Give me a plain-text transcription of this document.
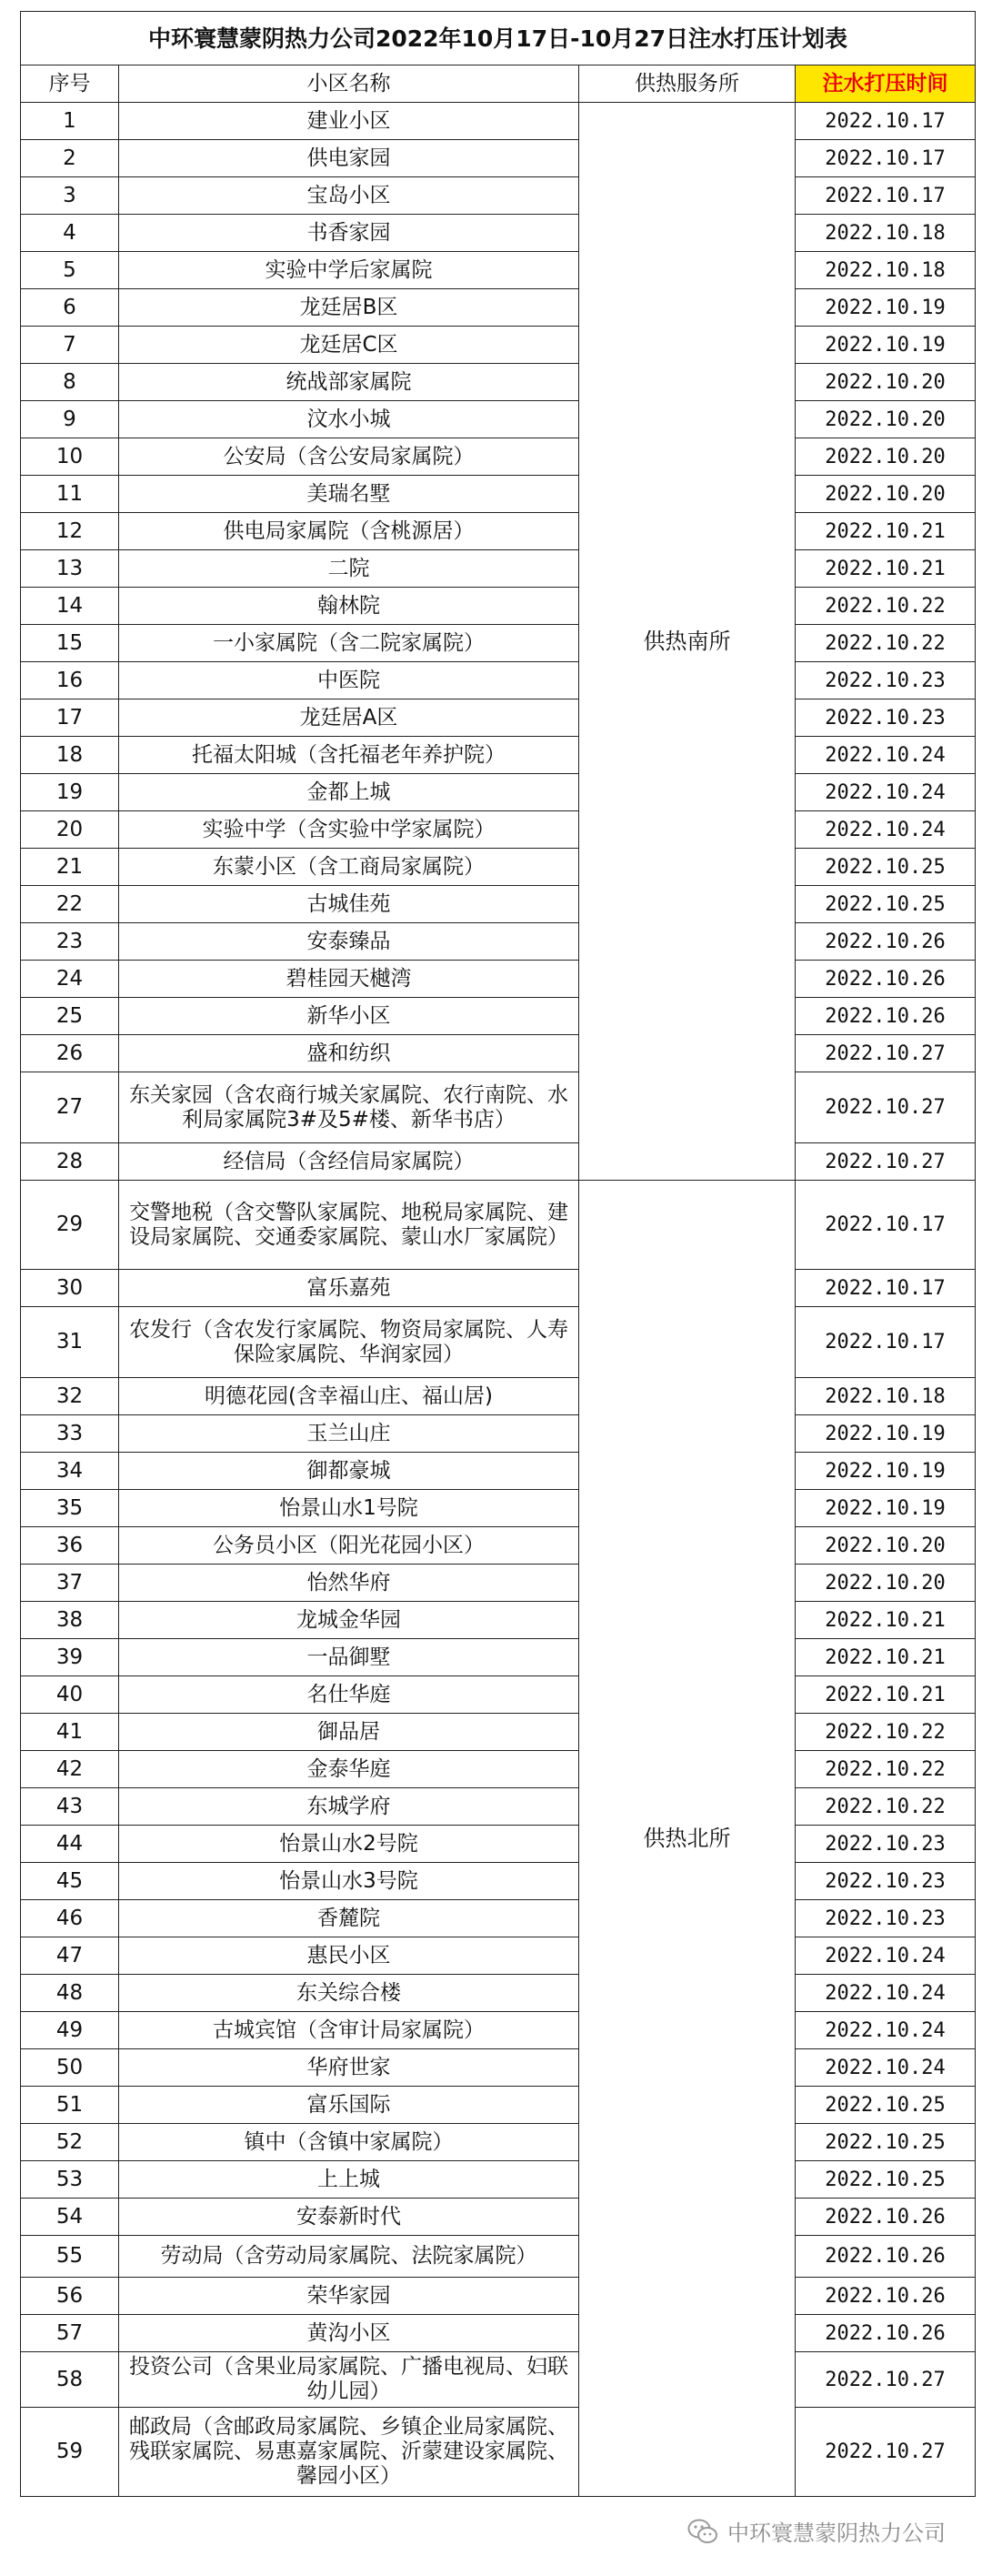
中环寰慧蒙阴热力公司2022年10月17日-10月27日注水打压计划表			
序号	小区名称	供热服务所	注水打压时间
1	建业小区	供热南所	2022.10.17
2	供电家园		2022.10.17
3	宝岛小区		2022.10.17
4	书香家园		2022.10.18
5	实验中学后家属院		2022.10.18
6	龙廷居B区		2022.10.19
7	龙廷居C区		2022.10.19
8	统战部家属院		2022.10.20
9	汶水小城		2022.10.20
10	公安局（含公安局家属院）		2022.10.20
11	美瑞名墅		2022.10.20
12	供电局家属院（含桃源居）		2022.10.21
13	二院		2022.10.21
14	翰林院		2022.10.22
15	一小家属院（含二院家属院）		2022.10.22
16	中医院		2022.10.23
17	龙廷居A区		2022.10.23
18	托福太阳城（含托福老年养护院）		2022.10.24
19	金都上城		2022.10.24
20	实验中学（含实验中学家属院）		2022.10.24
21	东蒙小区（含工商局家属院）		2022.10.25
22	古城佳苑		2022.10.25
23	安泰臻品		2022.10.26
24	碧桂园天樾湾		2022.10.26
25	新华小区		2022.10.26
26	盛和纺织		2022.10.27
27	东关家园（含农商行城关家属院、农行南院、水利局家属院3#及5#楼、新华书店）		2022.10.27
28	经信局（含经信局家属院）		2022.10.27
29	交警地税（含交警队家属院、地税局家属院、建设局家属院、交通委家属院、蒙山水厂家属院）	供热北所	2022.10.17
30	富乐嘉苑		2022.10.17
31	农发行（含农发行家属院、物资局家属院、人寿保险家属院、华润家园）		2022.10.17
32	明德花园(含幸福山庄、福山居)		2022.10.18
33	玉兰山庄		2022.10.19
34	御都豪城		2022.10.19
35	怡景山水1号院		2022.10.19
36	公务员小区（阳光花园小区）		2022.10.20
37	怡然华府		2022.10.20
38	龙城金华园		2022.10.21
39	一品御墅		2022.10.21
40	名仕华庭		2022.10.21
41	御品居		2022.10.22
42	金泰华庭		2022.10.22
43	东城学府		2022.10.22
44	怡景山水2号院		2022.10.23
45	怡景山水3号院		2022.10.23
46	香麓院		2022.10.23
47	惠民小区		2022.10.24
48	东关综合楼		2022.10.24
49	古城宾馆（含审计局家属院）		2022.10.24
50	华府世家		2022.10.24
51	富乐国际		2022.10.25
52	镇中（含镇中家属院）		2022.10.25
53	上上城		2022.10.25
54	安泰新时代		2022.10.26
55	劳动局（含劳动局家属院、法院家属院）		2022.10.26
56	荣华家园		2022.10.26
57	黄沟小区		2022.10.26
58	投资公司（含果业局家属院、广播电视局、妇联幼儿园）		2022.10.27
59	邮政局（含邮政局家属院、乡镇企业局家属院、残联家属院、易惠嘉家属院、沂蒙建设家属院、馨园小区）		2022.10.27
中环寰慧蒙阴热力公司
